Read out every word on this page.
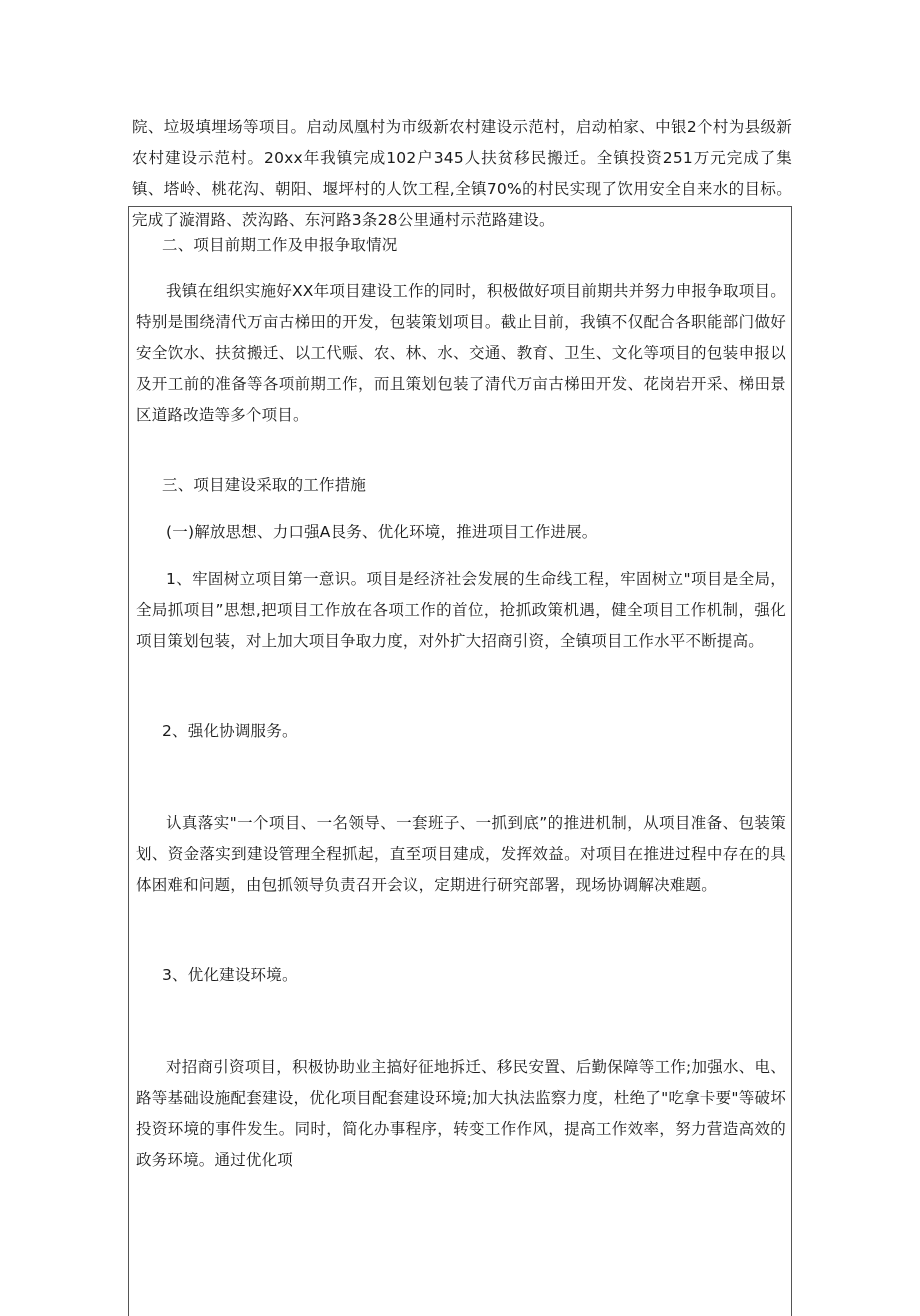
院、垃圾填埋场等项目。启动凤凰村为市级新农村建设示范村，启动柏家、中银2个村为县级新农村建设示范村。20xx年我镇完成102户345人扶贫移民搬迁。全镇投资251万元完成了集镇、塔岭、桃花沟、朝阳、堰坪村的人饮工程,全镇70%的村民实现了饮用安全自来水的目标。完成了漩渭路、茨沟路、东河路3条28公里通村示范路建设。

二、项目前期工作及申报争取情况

我镇在组织实施好XX年项目建设工作的同时，积极做好项目前期共并努力申报争取项目。特别是围绕清代万亩古梯田的开发，包装策划项目。截止目前，我镇不仅配合各职能部门做好安全饮水、扶贫搬迁、以工代赈、农、林、水、交通、教育、卫生、文化等项目的包装申报以及开工前的准备等各项前期工作，而且策划包装了清代万亩古梯田开发、花岗岩开采、梯田景区道路改造等多个项目。

三、项目建设采取的工作措施

(一)解放思想、力口强A艮务、优化环境，推进项目工作进展。

1、牢固树立项目第一意识。项目是经济社会发展的生命线工程，牢固树立"项目是全局，全局抓项目”思想,把项目工作放在各项工作的首位，抢抓政策机遇，健全项目工作机制，强化项目策划包装，对上加大项目争取力度，对外扩大招商引资，全镇项目工作水平不断提高。

2、强化协调服务。

认真落实"一个项目、一名领导、一套班子、一抓到底”的推进机制，从项目准备、包装策划、资金落实到建设管理全程抓起，直至项目建成，发挥效益。对项目在推进过程中存在的具体困难和问题，由包抓领导负责召开会议，定期进行研究部署，现场协调解决难题。

3、优化建设环境。

对招商引资项目，积极协助业主搞好征地拆迁、移民安置、后勤保障等工作;加强水、电、路等基础设施配套建设，优化项目配套建设环境;加大执法监察力度，杜绝了"吃拿卡要"等破坏投资环境的事件发生。同时，简化办事程序，转变工作作风，提高工作效率，努力营造高效的政务环境。通过优化项
